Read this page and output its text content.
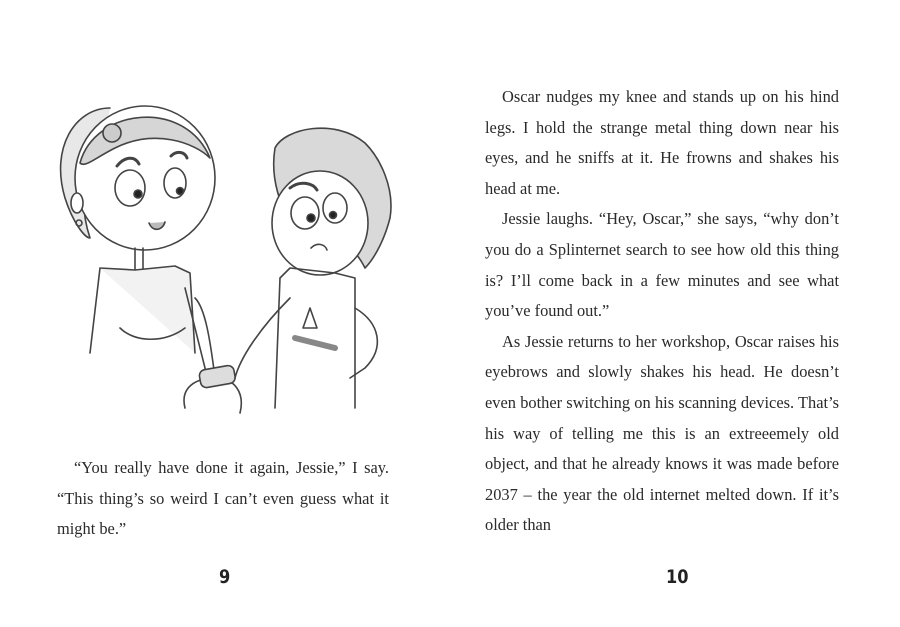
“You really have done it again, Jessie,” I say. “This thing’s so weird I can’t even guess what it might be.”

9

Oscar nudges my knee and stands up on his hind legs. I hold the strange metal thing down near his eyes, and he sniffs at it. He frowns and shakes his head at me.

Jessie laughs. “Hey, Oscar,” she says, “why don’t you do a Splinternet search to see how old this thing is? I’ll come back in a few minutes and see what you’ve found out.”

As Jessie returns to her workshop, Oscar raises his eyebrows and slowly shakes his head. He doesn’t even bother switching on his scanning devices. That’s his way of telling me this is an extreeemely old object, and that he already knows it was made before 2037 – the year the old internet melted down. If it’s older than

10
